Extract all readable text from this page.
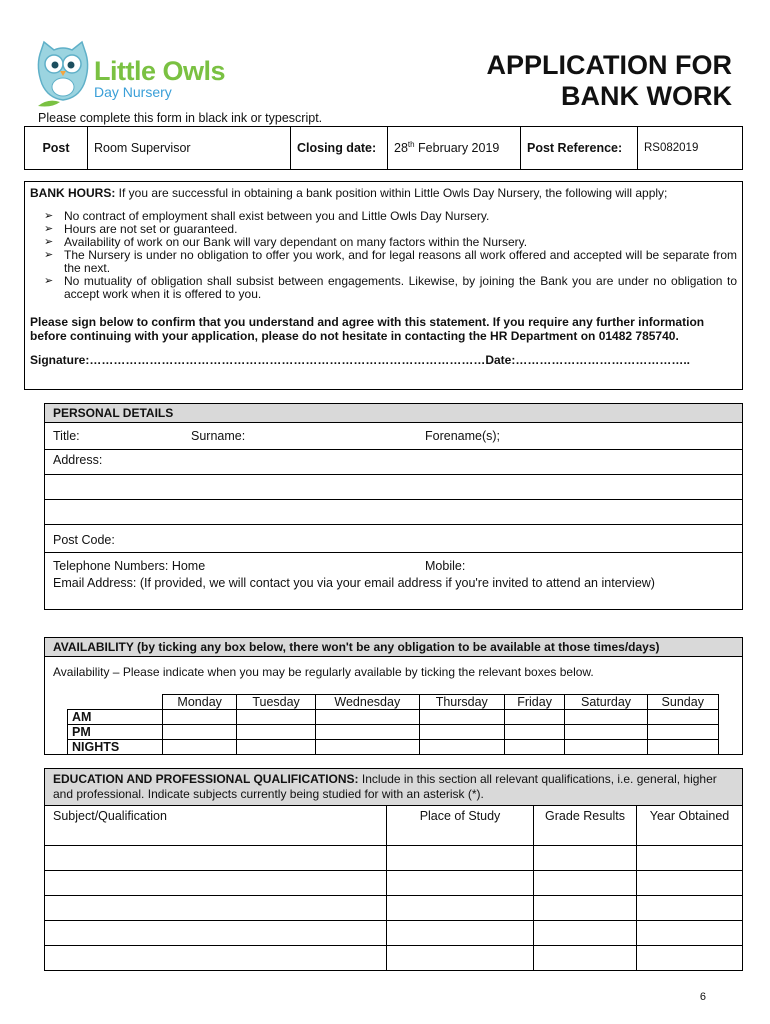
Little Owls
Day Nursery
APPLICATION FOR
BANK WORK
Please complete this form in black ink or typescript.
Post	Room Supervisor	Closing date:	28th February 2019	Post Reference:	RS082019
BANK HOURS: If you are successful in obtaining a bank position within Little Owls Day Nursery, the following will apply;
➢ No contract of employment shall exist between you and Little Owls Day Nursery.
➢ Hours are not set or guaranteed.
➢ Availability of work on our Bank will vary dependant on many factors within the Nursery.
➢ The Nursery is under no obligation to offer you work, and for legal reasons all work offered and accepted will be separate from the next.
➢ No mutuality of obligation shall subsist between engagements. Likewise, by joining the Bank you are under no obligation to accept work when it is offered to you.
Please sign below to confirm that you understand and agree with this statement. If you require any further information before continuing with your application, please do not hesitate in contacting the HR Department on 01482 785740.
Signature:………………………………………………………………………………………Date:……………………………………..
PERSONAL DETAILS
Title:	Surname:	Forename(s);
Address:
Post Code:
Telephone Numbers: Home	Mobile:
Email Address: (If provided, we will contact you via your email address if you're invited to attend an interview)
AVAILABILITY (by ticking any box below, there won't be any obligation to be available at those times/days)
Availability – Please indicate when you may be regularly available by ticking the relevant boxes below.
	Monday	Tuesday	Wednesday	Thursday	Friday	Saturday	Sunday
AM							
PM							
NIGHTS							
EDUCATION AND PROFESSIONAL QUALIFICATIONS: Include in this section all relevant qualifications, i.e. general, higher and professional. Indicate subjects currently being studied for with an asterisk (*).
Subject/Qualification	Place of Study	Grade Results	Year Obtained

6
